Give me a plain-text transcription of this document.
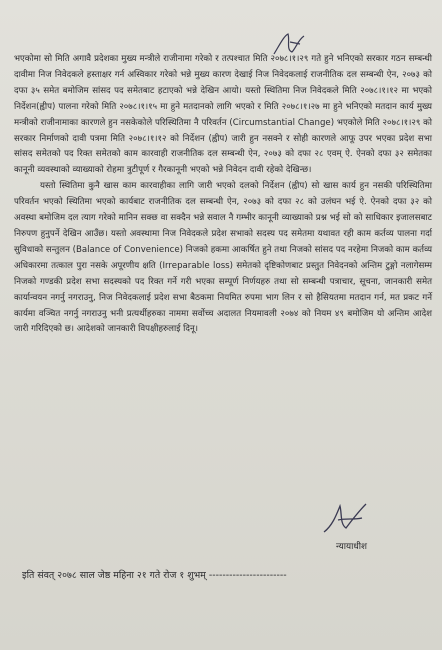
भएकोमा सो मिति अगावै प्रदेशका मुख्य मन्त्रीले राजीनामा गरेको र तत्पश्चात मिति २०७८।१।२९ गते हुने भनिएको सरकार गठन सम्बन्धी दावीमा निज निवेदकले हस्ताक्षर गर्न अस्विकार गरेको भन्ने मुख्य कारण देखाई निज निवेदकलाई राजनीतिक दल सम्बन्धी ऐन, २०७३ को दफा ३५ समेत बमोजिम सांसद पद समेतबाट हटाएको भन्ने देखिन आयो। यस्तो स्थितिमा निज निवेदकले मिति २०७८।१।१२ मा भएको निर्देशन(ह्वीप) पालना गरेको मिति २०७८।१।१५ मा हुने मतदानको लागि भएको र मिति २०७८।१।२७ मा हुने भनिएको मतदान कार्य मुख्य मन्त्रीको राजीनामाका कारणले हुन नसकेकोले परिस्थितिमा नै परिवर्तन (Circumstantial Change) भएकोले मिति २०७८।१।२९ को सरकार निर्माणको दावी पत्रमा मिति २०७८।१।१२ को निर्देशन (ह्वीप) जारी हुन नसक्ने र सोही कारणले आफू उपर भएका प्रदेश सभा सांसद समेतको पद रिक्त समेतको काम कारवाही राजनीतिक दल सम्बन्धी ऐन, २०७३ को दफा २८ एवम् ऐ. ऐनको दफा ३२ समेतका कानूनी व्यवस्थाको व्याख्याको रोहमा त्रुटीपूर्ण र गैरकानूनी भएको भन्ने निवेदन दावी रहेको देखिन्छ।

यस्तो स्थितिमा कुनै खास काम कारवाहीका लागि जारी भएको दलको निर्देशन (ह्वीप) सो खास कार्य हुन नसकी परिस्थितिमा परिवर्तन भएको स्थितिमा भएको कार्यबाट राजनीतिक दल सम्बन्धी ऐन, २०७३ को दफा २८ को उलंघन भई ऐ. ऐनको दफा ३२ को अवस्था बमोजिम दल त्याग गरेको मानिन सक्छ वा सक्दैन भन्ने सवाल नै गम्भीर कानूनी व्याख्याको प्रश्न भई सो को साधिकार इजालसबाट निरुपण हुनुपर्ने देखिन आउँछ। यस्तो अवस्थामा निज निवेदकले प्रदेश सभाको सदस्य पद समेतमा यथावत रही काम कर्तव्य पालना गर्दा सुविधाको सन्तुलन (Balance of Convenience) निजको हकमा आकर्षित हुने तथा निजको सांसद पद नरहेमा निजकाे काम कर्तव्य अधिकारमा तत्काल पुरा नसके अपूरणीय क्षति (Irreparable loss) समेतको दृष्टिकोणबाट प्रस्तुत निवेदनको अन्तिम टुङ्गो नलागेसम्म निजको गण्डकी प्रदेश सभा सदस्यको पद रिक्त गर्ने गरी भएका सम्पूर्ण निर्णयहरु तथा सो सम्बन्धी पत्राचार, सूचना, जानकारी समेत कार्यान्वयन नगर्नु नगराउनु, निज निवेदकलाई प्रदेश सभा बैठकमा नियमित रुपमा भाग लिन र सो हैसियतमा मतदान गर्न, मत प्रकट गर्ने कार्यमा वञ्चित नगर्नु नगराउनु भनी प्रत्यर्थीहरुका नाममा सर्वोच्च अदालत नियमावली २०७४ को नियम ४९ बमोजिम यो अन्तिम आदेश जारी गरिदिएको छ। आदेशको जानकारी विपक्षीहरुलाई दिनू।

न्यायाधीश
इति संवत् २०७८ साल जेष्ठ महिना २१ गते रोज १ शुभम् -----------------------
